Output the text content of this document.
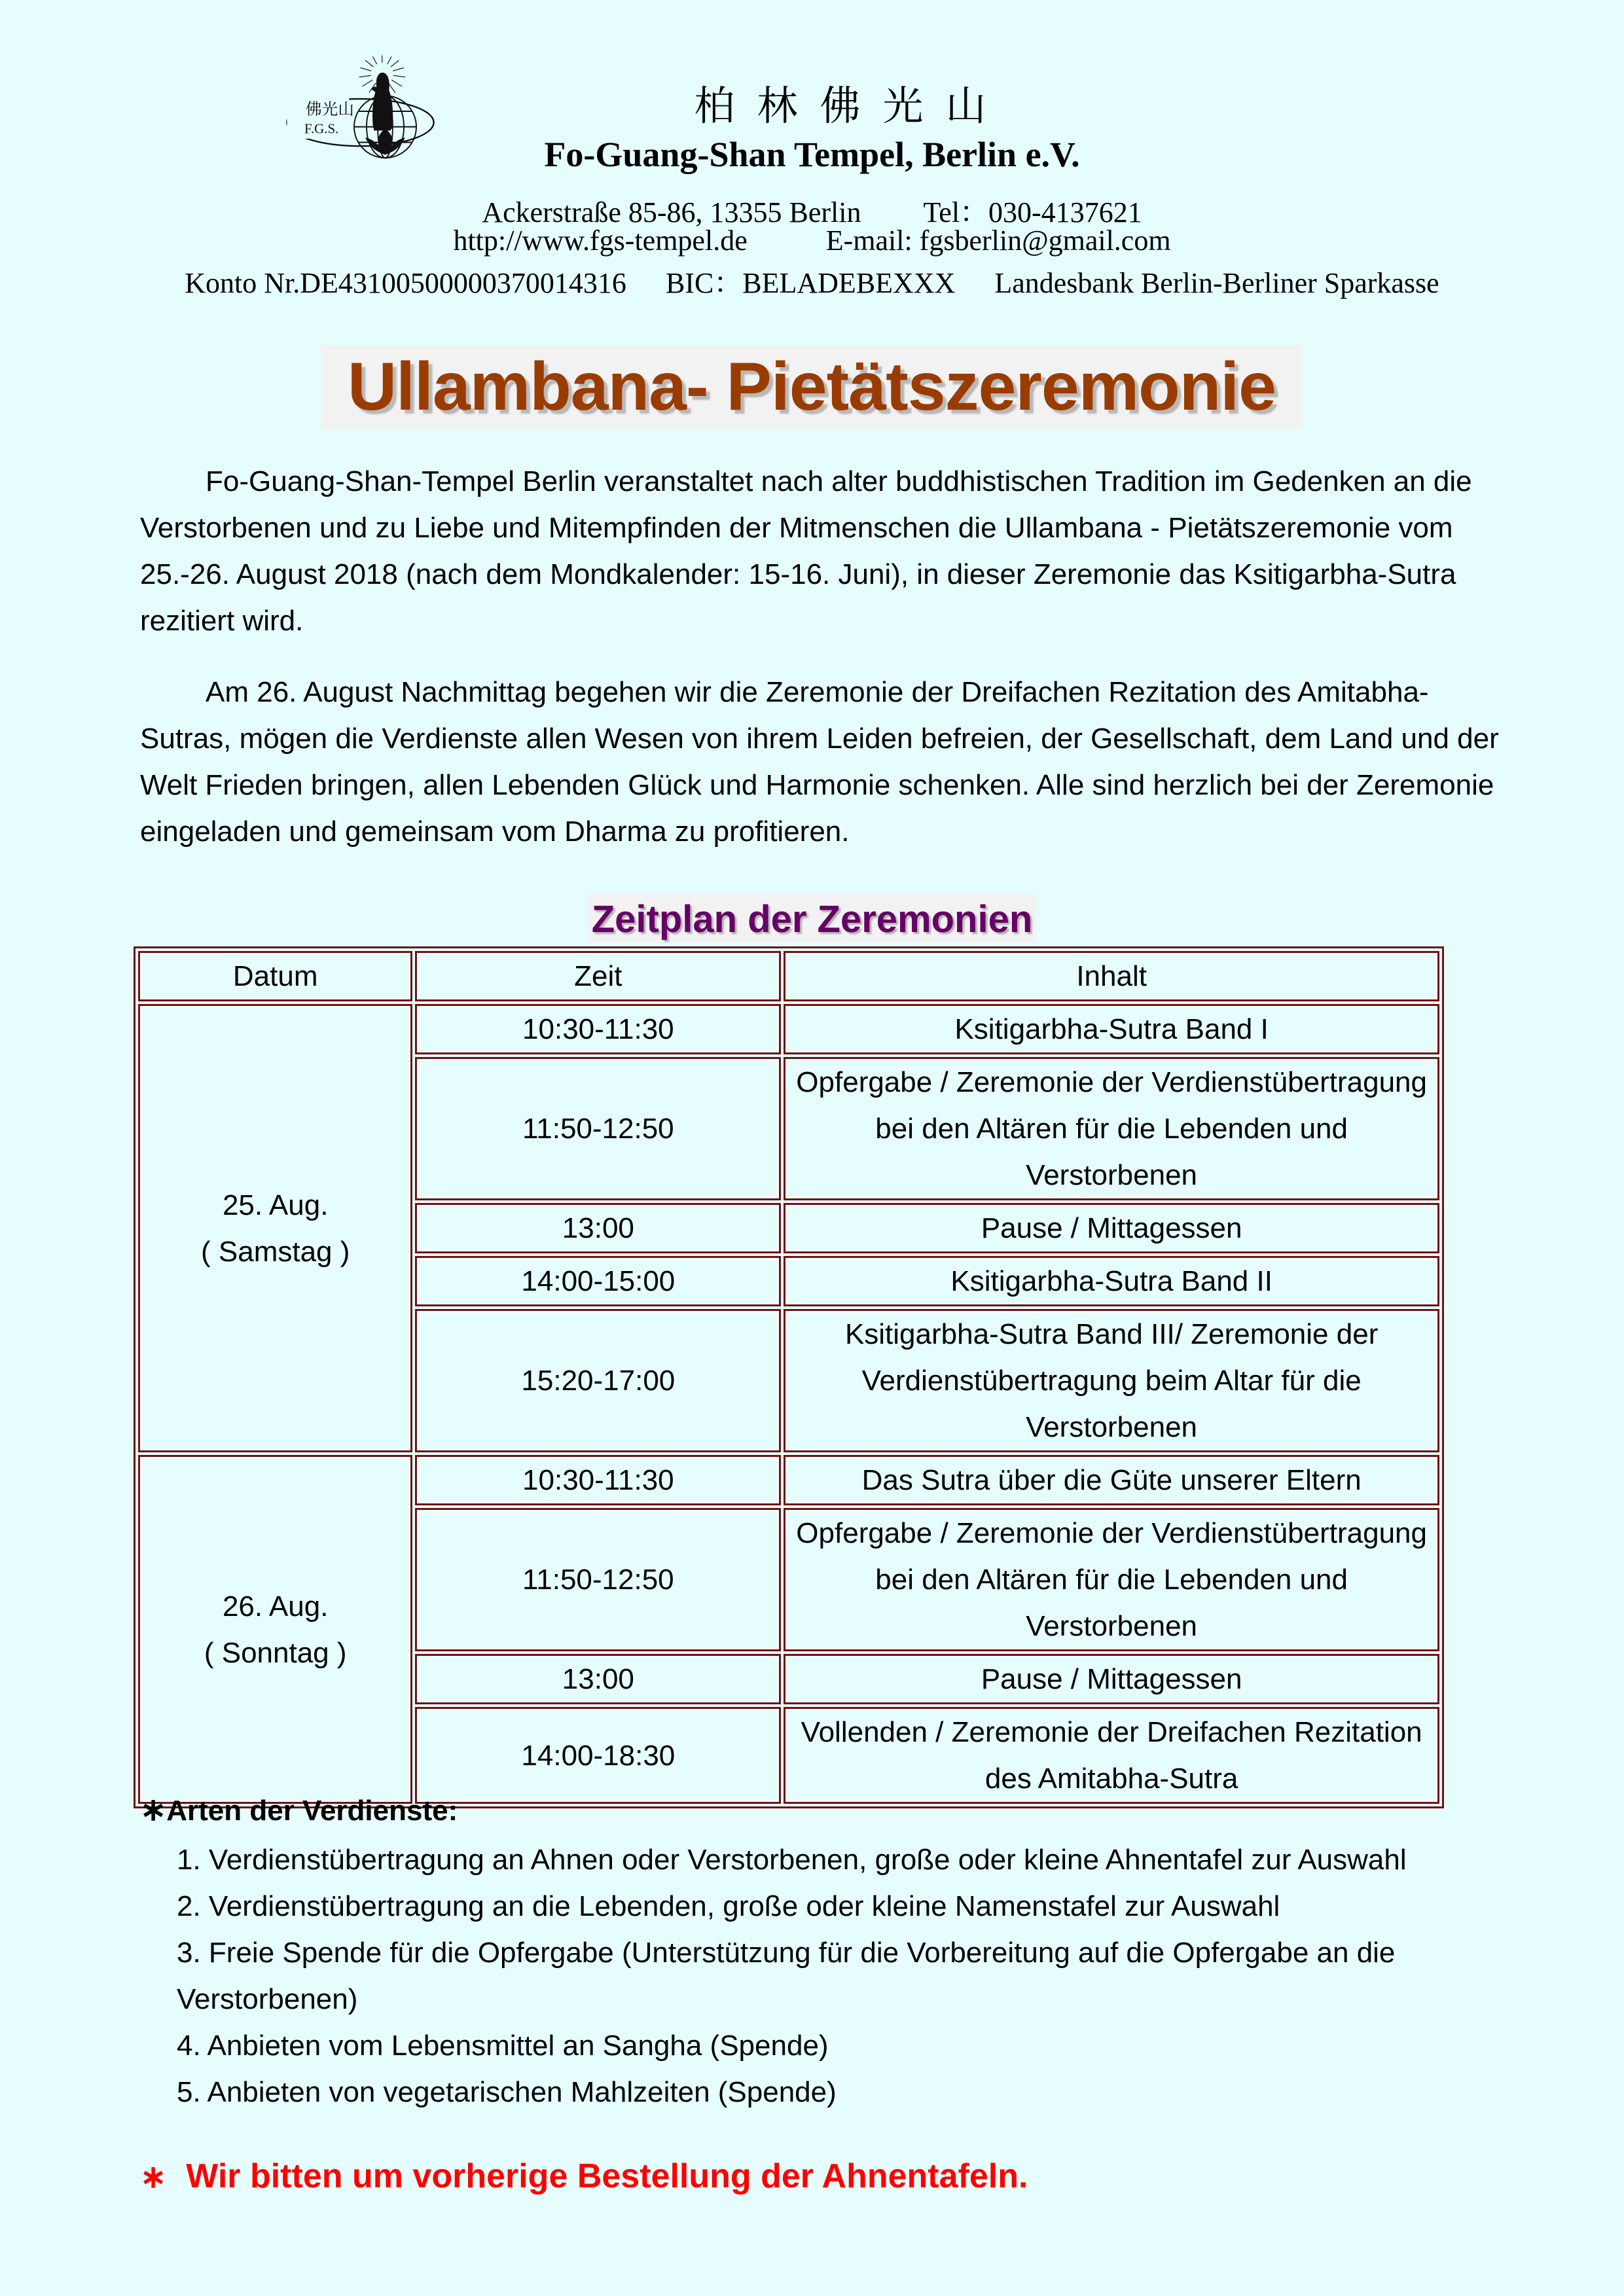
佛光山
F.G.S.	柏林佛光山
Fo-Guang-Shan Tempel, Berlin e.V.
Ackerstraße 85-86, 13355 Berlin Tel：030-4137621
http://www.fgs-tempel.de	E-mail: fgsberlin@gmail.com
Konto Nr.DE43100500000370014316 BIC：BELADEBEXXX Landesbank Berlin-Berliner Sparkasse
Ullambana- Pietätszeremonie
Fo-Guang-Shan-Tempel Berlin veranstaltet nach alter buddhistischen Tradition im Gedenken an die Verstorbenen und zu Liebe und Mitempfinden der Mitmenschen die Ullambana - Pietätszeremonie vom 25.-26. August 2018 (nach dem Mondkalender: 15-16. Juni), in dieser Zeremonie das Ksitigarbha-Sutra rezitiert wird.
Am 26. August Nachmittag begehen wir die Zeremonie der Dreifachen Rezitation des Amitabha-Sutras, mögen die Verdienste allen Wesen von ihrem Leiden befreien, der Gesellschaft, dem Land und der Welt Frieden bringen, allen Lebenden Glück und Harmonie schenken. Alle sind herzlich bei der Zeremonie eingeladen und gemeinsam vom Dharma zu profitieren.
Zeitplan der Zeremonien
Datum	Zeit	Inhalt

25. Aug.
( Samstag )	10:30-11:30	Ksitigarbha-Sutra Band I
	11:50-12:50	Opfergabe / Zeremonie der Verdienstübertragung bei den Altären für die Lebenden und Verstorbenen
	13:00	Pause / Mittagessen
	14:00-15:00	Ksitigarbha-Sutra Band II
	15:20-17:00	Ksitigarbha-Sutra Band III/ Zeremonie der Verdienstübertragung beim Altar für die Verstorbenen

26. Aug.
( Sonntag )	10:30-11:30	Das Sutra über die Güte unserer Eltern
	11:50-12:50	Opfergabe / Zeremonie der Verdienstübertragung bei den Altären für die Lebenden und Verstorbenen
	13:00	Pause / Mittagessen
	14:00-18:30	Vollenden / Zeremonie der Dreifachen Rezitation des Amitabha-Sutra
∗Arten der Verdienste:
1. Verdienstübertragung an Ahnen oder Verstorbenen, große oder kleine Ahnentafel zur Auswahl
2. Verdienstübertragung an die Lebenden, große oder kleine Namenstafel zur Auswahl
3. Freie Spende für die Opfergabe (Unterstützung für die Vorbereitung auf die Opfergabe an die Verstorbenen)
4. Anbieten vom Lebensmittel an Sangha (Spende)
5. Anbieten von vegetarischen Mahlzeiten (Spende)
∗ Wir bitten um vorherige Bestellung der Ahnentafeln.
